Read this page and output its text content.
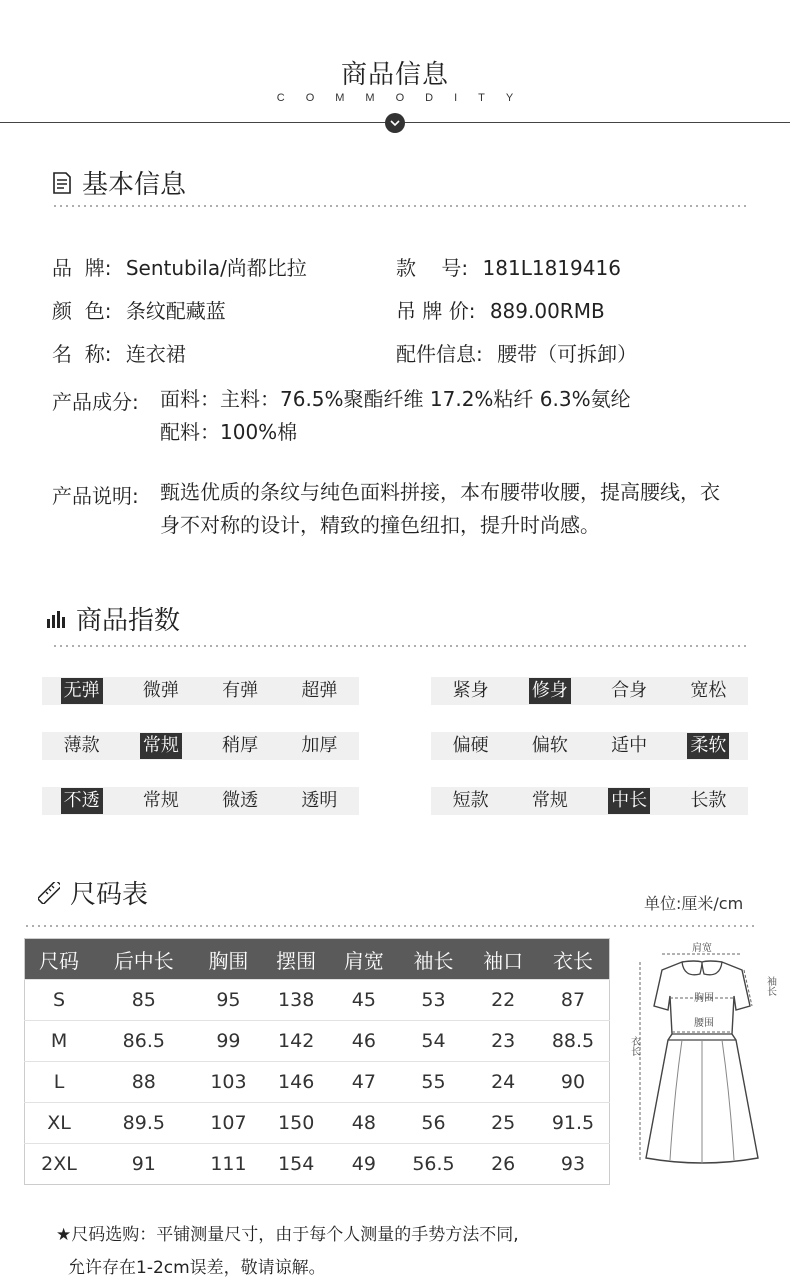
商品信息
COMMODITY
基本信息
品  牌: Sentubila/尚都比拉	款    号: 181L1819416
颜  色: 条纹配藏蓝	吊 牌 价: 889.00RMB
名  称: 连衣裙	配件信息: 腰带（可拆卸）
产品成分: 面料：主料：76.5%聚酯纤维 17.2%粘纤 6.3%氨纶
配料：100%棉
产品说明: 甄选优质的条纹与纯色面料拼接，本布腰带收腰，提高腰线，衣身不对称的设计，精致的撞色纽扣，提升时尚感。
商品指数
无弹 微弹 有弹 超弹	紧身 修身 合身 宽松
薄款 常规 稍厚 加厚	偏硬 偏软 适中 柔软
不透 常规 微透 透明	短款 常规 中长 长款
尺码表	单位:厘米/cm
尺码	后中长	胸围	摆围	肩宽	袖长	袖口	衣长
S	85	95	138	45	53	22	87
M	86.5	99	142	46	54	23	88.5
L	88	103	146	47	55	24	90
XL	89.5	107	150	48	56	25	91.5
2XL	91	111	154	49	56.5	26	93
肩宽
胸围
腰围
袖长
衣长
★尺码选购：平铺测量尺寸，由于每个人测量的手势方法不同,
允许存在1-2cm误差，敬请谅解。
